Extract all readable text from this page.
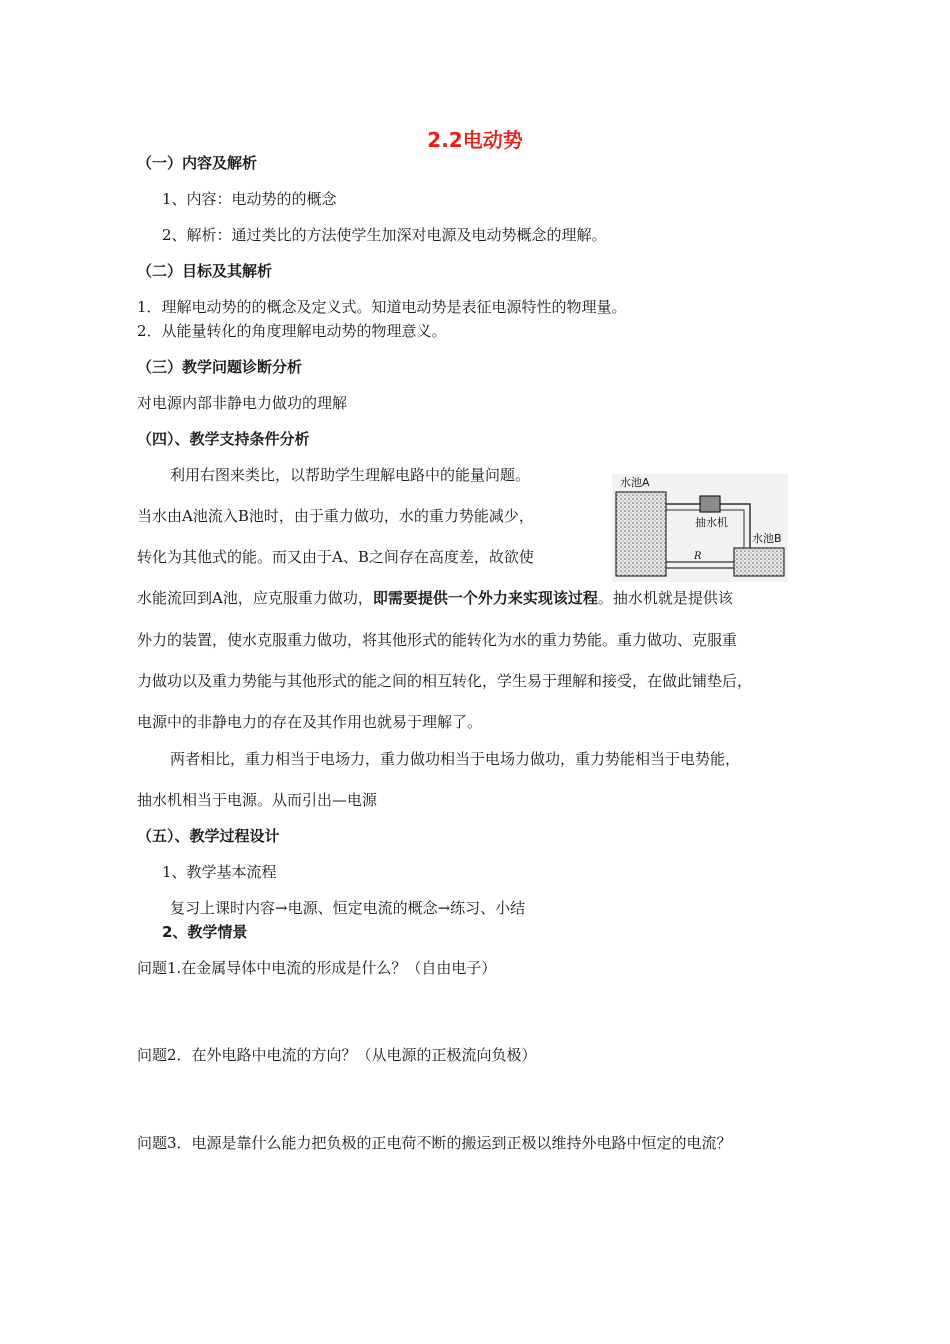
2.2电动势
（一）内容及解析
1、内容：电动势的的概念
2、解析：通过类比的方法使学生加深对电源及电动势概念的理解。
（二）目标及其解析
1．理解电动势的的概念及定义式。知道电动势是表征电源特性的物理量。
2．从能量转化的角度理解电动势的物理意义。
（三）教学问题诊断分析
对电源内部非静电力做功的理解
（四）、教学支持条件分析
利用右图来类比，以帮助学生理解电路中的能量问题。
当水由A池流入B池时，由于重力做功，水的重力势能减少，
转化为其他式的能。而又由于A、B之间存在高度差，故欲使
水能流回到A池，应克服重力做功，即需要提供一个外力来实现该过程。抽水机就是提供该
外力的装置，使水克服重力做功，将其他形式的能转化为水的重力势能。重力做功、克服重
力做功以及重力势能与其他形式的能之间的相互转化，学生易于理解和接受，在做此铺垫后，
电源中的非静电力的存在及其作用也就易于理解了。
两者相比，重力相当于电场力，重力做功相当于电场力做功，重力势能相当于电势能，
抽水机相当于电源。从而引出—电源
水池A
抽水机
水池B
R
（五）、教学过程设计
1、教学基本流程
复习上课时内容→电源、恒定电流的概念→练习、小结
2、教学情景
问题1.在金属导体中电流的形成是什么？（自由电子）
问题2．在外电路中电流的方向？（从电源的正极流向负极）
问题3．电源是靠什么能力把负极的正电荷不断的搬运到正极以维持外电路中恒定的电流？
